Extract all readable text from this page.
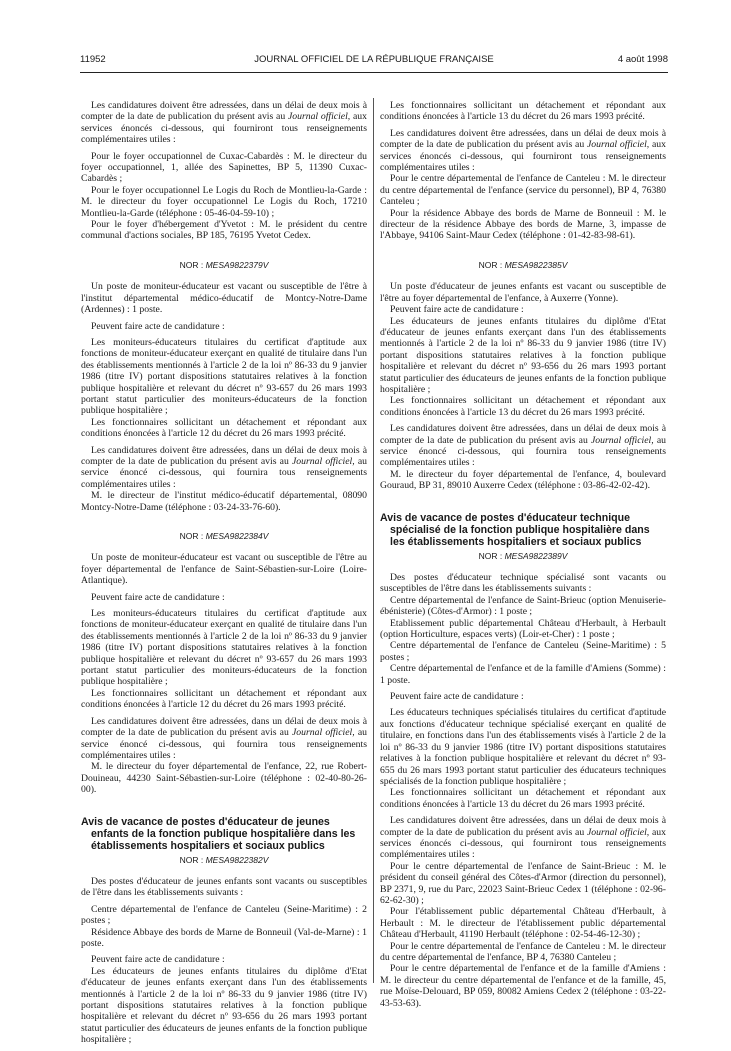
11952	JOURNAL OFFICIEL DE LA RÉPUBLIQUE FRANÇAISE	4 août 1998

Les candidatures doivent être adressées, dans un délai de deux mois à compter de la date de publication du présent avis au Journal officiel, aux services énoncés ci-dessous, qui fourniront tous renseignements complémentaires utiles :

Pour le foyer occupationnel de Cuxac-Cabardès : M. le directeur du foyer occupationnel, 1, allée des Sapinettes, BP 5, 11390 Cuxac-Cabardès ;

Pour le foyer occupationnel Le Logis du Roch de Montlieu-la-Garde : M. le directeur du foyer occupationnel Le Logis du Roch, 17210 Montlieu-la-Garde (téléphone : 05-46-04-59-10) ;

Pour le foyer d'hébergement d'Yvetot : M. le président du centre communal d'actions sociales, BP 185, 76195 Yvetot Cedex.

NOR : MESA9822379V

Un poste de moniteur-éducateur est vacant ou susceptible de l'être à l'institut départemental médico-éducatif de Montcy-Notre-Dame (Ardennes) : 1 poste.

Peuvent faire acte de candidature :

Les moniteurs-éducateurs titulaires du certificat d'aptitude aux fonctions de moniteur-éducateur exerçant en qualité de titulaire dans l'un des établissements mentionnés à l'article 2 de la loi nº 86-33 du 9 janvier 1986 (titre IV) portant dispositions statutaires relatives à la fonction publique hospitalière et relevant du décret nº 93-657 du 26 mars 1993 portant statut particulier des moniteurs-éducateurs de la fonction publique hospitalière ;

Les fonctionnaires sollicitant un détachement et répondant aux conditions énoncées à l'article 12 du décret du 26 mars 1993 précité.

Les candidatures doivent être adressées, dans un délai de deux mois à compter de la date de publication du présent avis au Journal officiel, au service énoncé ci-dessous, qui fournira tous renseignements complémentaires utiles :

M. le directeur de l'institut médico-éducatif départemental, 08090 Montcy-Notre-Dame (téléphone : 03-24-33-76-60).

NOR : MESA9822384V

Un poste de moniteur-éducateur est vacant ou susceptible de l'être au foyer départemental de l'enfance de Saint-Sébastien-sur-Loire (Loire-Atlantique).

Peuvent faire acte de candidature :

Les moniteurs-éducateurs titulaires du certificat d'aptitude aux fonctions de moniteur-éducateur exerçant en qualité de titulaire dans l'un des établissements mentionnés à l'article 2 de la loi nº 86-33 du 9 janvier 1986 (titre IV) portant dispositions statutaires relatives à la fonction publique hospitalière et relevant du décret nº 93-657 du 26 mars 1993 portant statut particulier des moniteurs-éducateurs de la fonction publique hospitalière ;

Les fonctionnaires sollicitant un détachement et répondant aux conditions énoncées à l'article 12 du décret du 26 mars 1993 précité.

Les candidatures doivent être adressées, dans un délai de deux mois à compter de la date de publication du présent avis au Journal officiel, au service énoncé ci-dessous, qui fournira tous renseignements complémentaires utiles :

M. le directeur du foyer départemental de l'enfance, 22, rue Robert-Douineau, 44230 Saint-Sébastien-sur-Loire (téléphone : 02-40-80-26-00).

Avis de vacance de postes d'éducateur de jeunes enfants de la fonction publique hospitalière dans les établissements hospitaliers et sociaux publics
NOR : MESA9822382V

Des postes d'éducateur de jeunes enfants sont vacants ou susceptibles de l'être dans les établissements suivants :

Centre départemental de l'enfance de Canteleu (Seine-Maritime) : 2 postes ;

Résidence Abbaye des bords de Marne de Bonneuil (Val-de-Marne) : 1 poste.

Peuvent faire acte de candidature :

Les éducateurs de jeunes enfants titulaires du diplôme d'Etat d'éducateur de jeunes enfants exerçant dans l'un des établissements mentionnés à l'article 2 de la loi nº 86-33 du 9 janvier 1986 (titre IV) portant dispositions statutaires relatives à la fonction publique hospitalière et relevant du décret nº 93-656 du 26 mars 1993 portant statut particulier des éducateurs de jeunes enfants de la fonction publique hospitalière ;

Les fonctionnaires sollicitant un détachement et répondant aux conditions énoncées à l'article 13 du décret du 26 mars 1993 précité.

Les candidatures doivent être adressées, dans un délai de deux mois à compter de la date de publication du présent avis au Journal officiel, aux services énoncés ci-dessous, qui fourniront tous renseignements complémentaires utiles :

Pour le centre départemental de l'enfance de Canteleu : M. le directeur du centre départemental de l'enfance (service du personnel), BP 4, 76380 Canteleu ;

Pour la résidence Abbaye des bords de Marne de Bonneuil : M. le directeur de la résidence Abbaye des bords de Marne, 3, impasse de l'Abbaye, 94106 Saint-Maur Cedex (téléphone : 01-42-83-98-61).

NOR : MESA9822385V

Un poste d'éducateur de jeunes enfants est vacant ou susceptible de l'être au foyer départemental de l'enfance, à Auxerre (Yonne).

Peuvent faire acte de candidature :

Les éducateurs de jeunes enfants titulaires du diplôme d'Etat d'éducateur de jeunes enfants exerçant dans l'un des établissements mentionnés à l'article 2 de la loi nº 86-33 du 9 janvier 1986 (titre IV) portant dispositions statutaires relatives à la fonction publique hospitalière et relevant du décret nº 93-656 du 26 mars 1993 portant statut particulier des éducateurs de jeunes enfants de la fonction publique hospitalière ;

Les fonctionnaires sollicitant un détachement et répondant aux conditions énoncées à l'article 13 du décret du 26 mars 1993 précité.

Les candidatures doivent être adressées, dans un délai de deux mois à compter de la date de publication du présent avis au Journal officiel, au service énoncé ci-dessous, qui fournira tous renseignements complémentaires utiles :

M. le directeur du foyer départemental de l'enfance, 4, boulevard Gouraud, BP 31, 89010 Auxerre Cedex (téléphone : 03-86-42-02-42).

Avis de vacance de postes d'éducateur technique spécialisé de la fonction publique hospitalière dans les établissements hospitaliers et sociaux publics
NOR : MESA9822389V

Des postes d'éducateur technique spécialisé sont vacants ou susceptibles de l'être dans les établissements suivants :

Centre départemental de l'enfance de Saint-Brieuc (option Menuiserie-ébénisterie) (Côtes-d'Armor) : 1 poste ;

Etablissement public départemental Château d'Herbault, à Herbault (option Horticulture, espaces verts) (Loir-et-Cher) : 1 poste ;

Centre départemental de l'enfance de Canteleu (Seine-Maritime) : 5 postes ;

Centre départemental de l'enfance et de la famille d'Amiens (Somme) : 1 poste.

Peuvent faire acte de candidature :

Les éducateurs techniques spécialisés titulaires du certificat d'aptitude aux fonctions d'éducateur technique spécialisé exerçant en qualité de titulaire, en fonctions dans l'un des établissements visés à l'article 2 de la loi nº 86-33 du 9 janvier 1986 (titre IV) portant dispositions statutaires relatives à la fonction publique hospitalière et relevant du décret nº 93-655 du 26 mars 1993 portant statut particulier des éducateurs techniques spécialisés de la fonction publique hospitalière ;

Les fonctionnaires sollicitant un détachement et répondant aux conditions énoncées à l'article 13 du décret du 26 mars 1993 précité.

Les candidatures doivent être adressées, dans un délai de deux mois à compter de la date de publication du présent avis au Journal officiel, aux services énoncés ci-dessous, qui fourniront tous renseignements complémentaires utiles :

Pour le centre départemental de l'enfance de Saint-Brieuc : M. le président du conseil général des Côtes-d'Armor (direction du personnel), BP 2371, 9, rue du Parc, 22023 Saint-Brieuc Cedex 1 (téléphone : 02-96-62-62-30) ;

Pour l'établissement public départemental Château d'Herbault, à Herbault : M. le directeur de l'établissement public départemental Château d'Herbault, 41190 Herbault (téléphone : 02-54-46-12-30) ;

Pour le centre départemental de l'enfance de Canteleu : M. le directeur du centre départemental de l'enfance, BP 4, 76380 Canteleu ;

Pour le centre départemental de l'enfance et de la famille d'Amiens : M. le directeur du centre départemental de l'enfance et de la famille, 45, rue Moïse-Delouard, BP 059, 80082 Amiens Cedex 2 (téléphone : 03-22-43-53-63).
